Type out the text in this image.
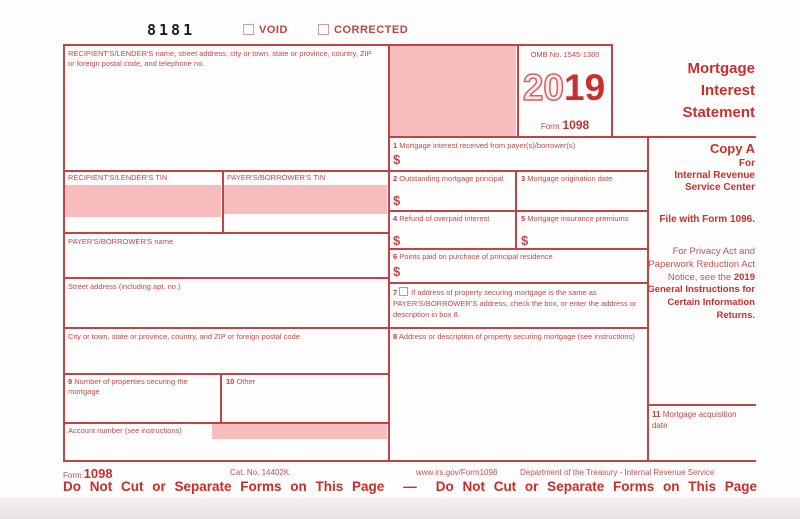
8181	VOID	CORRECTED
RECIPIENT'S/LENDER'S name, street address, city or town, state or province, country, ZIP or foreign postal code, and telephone no.
OMB No. 1545-1380
2019
Form 1098
Mortgage Interest Statement
RECIPIENT'S/LENDER'S TIN	PAYER'S/BORROWER'S TIN
PAYER'S/BORROWER'S name
Street address (including apt. no.)
City or town, state or province, country, and ZIP or foreign postal code
9 Number of properties securing the mortgage
10 Other
Account number (see instructions)
1 Mortgage interest received from payer(s)/borrower(s)
$
2 Outstanding mortgage principal
$
3 Mortgage origination date
4 Refund of overpaid interest
$
5 Mortgage insurance premiums
$
6 Points paid on purchase of principal residence
$
7 If address of property securing mortgage is the same as PAYER'S/BORROWER'S address, check the box, or enter the address or description in box 8.
8 Address or description of property securing mortgage (see instructions)
Copy A
For
Internal Revenue
Service Center
File with Form 1096.
For Privacy Act and Paperwork Reduction Act Notice, see the 2019 General Instructions for Certain Information Returns.
11 Mortgage acquisition date
Form 1098	Cat. No. 14402K	www.irs.gov/Form1098	Department of the Treasury - Internal Revenue Service
Do Not Cut or Separate Forms on This Page — Do Not Cut or Separate Forms on This Page
